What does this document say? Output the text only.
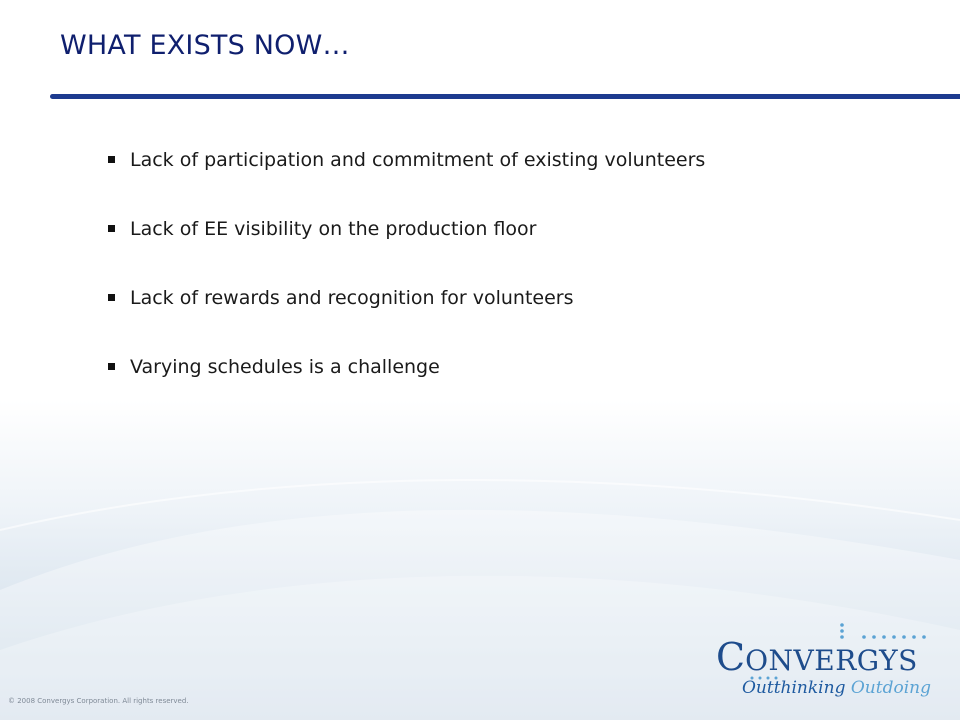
WHAT EXISTS NOW…
Lack of participation and commitment of existing volunteers
Lack of EE visibility on the production floor
Lack of rewards and recognition for volunteers
Varying schedules is a challenge
© 2008 Convergys Corporation. All rights reserved.
CONVERGYS
Outthinking Outdoing
